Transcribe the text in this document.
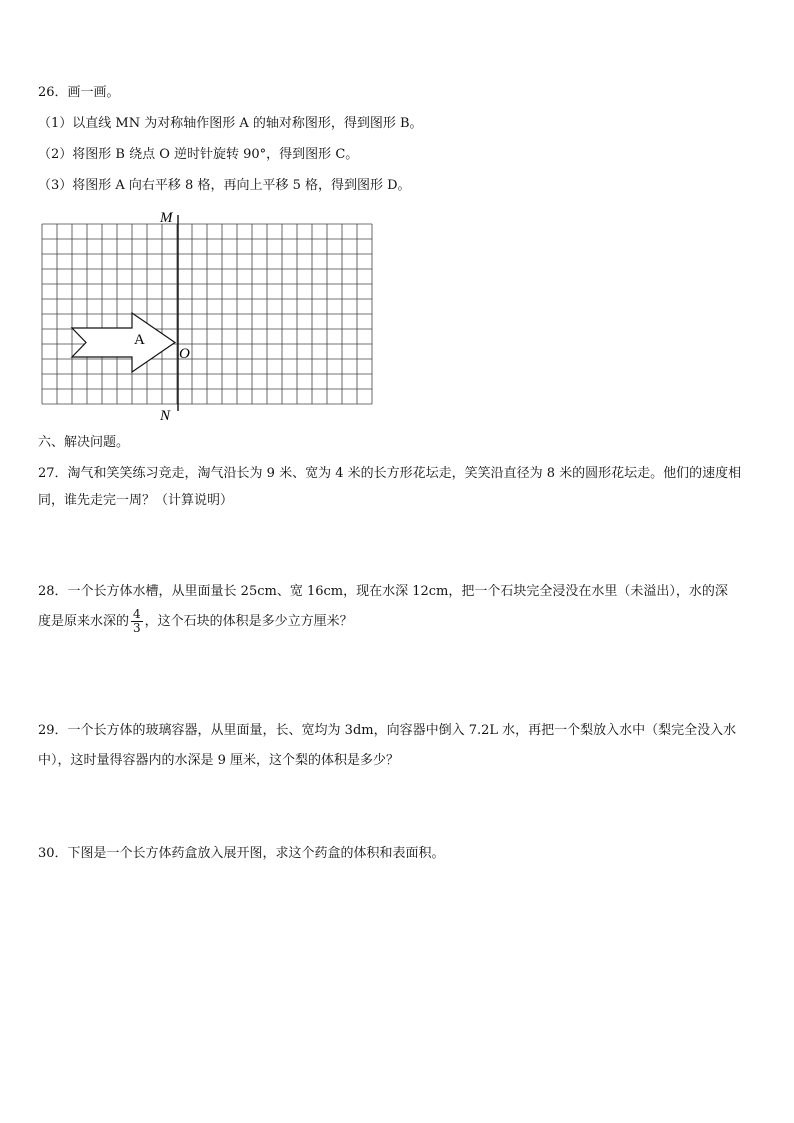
26．画一画。
（1）以直线 MN 为对称轴作图形 A 的轴对称图形，得到图形 B。
（2）将图形 B 绕点 O 逆时针旋转 90°，得到图形 C。
（3）将图形 A 向右平移 8 格，再向上平移 5 格，得到图形 D。
M
N
O
A
六、解决问题。
27．淘气和笑笑练习竞走，淘气沿长为 9 米、宽为 4 米的长方形花坛走，笑笑沿直径为 8 米的圆形花坛走。他们的速度相同，谁先走完一周？（计算说明）
28．一个长方体水槽，从里面量长 25cm、宽 16cm，现在水深 12cm，把一个石块完全浸没在水里（未溢出），水的深
度是原来水深的 $\frac{4}{3}$ ，这个石块的体积是多少立方厘米？
29．一个长方体的玻璃容器，从里面量，长、宽均为 3dm，向容器中倒入 7.2L 水，再把一个梨放入水中（梨完全没入水中），这时量得容器内的水深是 9 厘米，这个梨的体积是多少？
30．下图是一个长方体药盒放入展开图，求这个药盒的体积和表面积。
